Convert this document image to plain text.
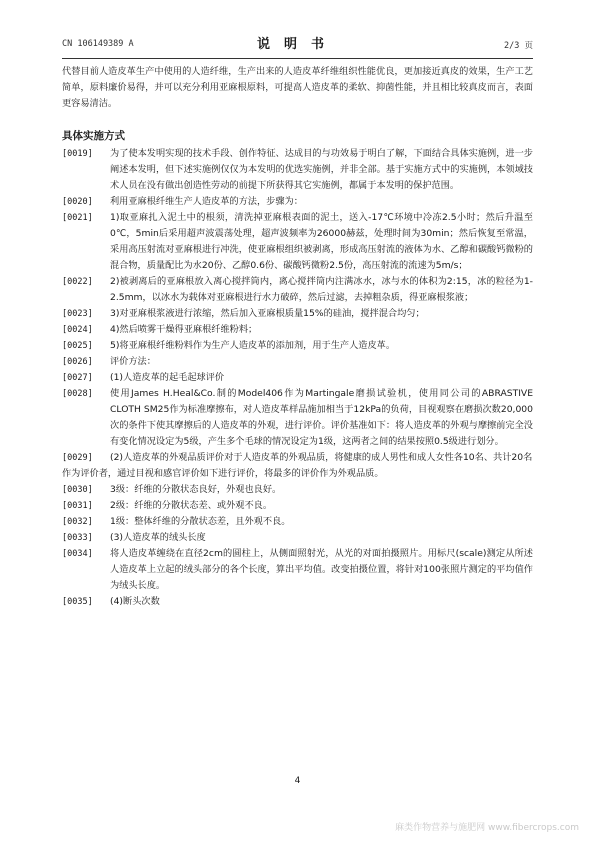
CN 106149389 A	说明书	2/3 页

代替目前人造皮革生产中使用的人造纤维，生产出来的人造皮革纤维组织性能优良，更加接近真皮的效果，生产工艺简单，原料廉价易得，并可以充分利用亚麻根原料，可提高人造皮革的柔软、抑菌性能，并且相比较真皮而言，表面更容易清洁。

具体实施方式

[0019]	为了使本发明实现的技术手段、创作特征、达成目的与功效易于明白了解，下面结合具体实施例，进一步阐述本发明，但下述实施例仅仅为本发明的优选实施例，并非全部。基于实施方式中的实施例，本领域技术人员在没有做出创造性劳动的前提下所获得其它实施例，都属于本发明的保护范围。
[0020]	利用亚麻根纤维生产人造皮革的方法，步骤为：
[0021]	1)取亚麻扎入泥土中的根须，清洗掉亚麻根表面的泥土，送入-17℃环境中冷冻2.5小时；然后升温至0℃，5min后采用超声波震荡处理，超声波频率为26000赫兹，处理时间为30min；然后恢复至常温，采用高压射流对亚麻根进行冲洗，使亚麻根组织被剥离，形成高压射流的液体为水、乙醇和碳酸钙微粉的混合物，质量配比为水20份、乙醇0.6份、碳酸钙微粉2.5份，高压射流的流速为5m/s；
[0022]	2)被剥离后的亚麻根放入离心搅拌筒内，离心搅拌筒内注满冰水，冰与水的体积为2:15，冰的粒径为1-2.5mm，以冰水为载体对亚麻根进行水力破碎，然后过滤，去掉粗杂质，得亚麻根浆液；
[0023]	3)对亚麻根浆液进行浓缩，然后加入亚麻根质量15%的硅油，搅拌混合均匀；
[0024]	4)然后喷雾干燥得亚麻根纤维粉料；
[0025]	5)将亚麻根纤维粉料作为生产人造皮革的添加剂，用于生产人造皮革。
[0026]	评价方法：
[0027]	(1)人造皮革的起毛起球评价
[0028]	使用James H.Heal&Co.制的Model406作为Martingale磨损试验机，使用同公司的ABRASTIVE CLOTH SM25作为标准摩擦布，对人造皮革样品施加相当于12kPa的负荷，目视观察在磨损次数20,000次的条件下使其摩擦后的人造皮革的外观，进行评价。评价基准如下：将人造皮革的外观与摩擦前完全没有变化情况设定为5级，产生多个毛球的情况设定为1级，这两者之间的结果按照0.5级进行划分。
[0029] (2)人造皮革的外观品质评价对于人造皮革的外观品质，将健康的成人男性和成人女性各10名、共计20名作为评价者，通过目视和感官评价如下进行评价，将最多的评价作为外观品质。
[0030]	3级：纤维的分散状态良好，外观也良好。
[0031]	2级：纤维的分散状态差、或外观不良。
[0032]	1级：整体纤维的分散状态差，且外观不良。
[0033]	(3)人造皮革的绒头长度
[0034]	将人造皮革缠绕在直径2cm的圆柱上，从侧面照射光，从光的对面拍摄照片。用标尺(scale)测定从所述人造皮革上立起的绒头部分的各个长度，算出平均值。改变拍摄位置，将针对100张照片测定的平均值作为绒头长度。
[0035]	(4)断头次数
4
麻类作物营养与施肥网 www.fibercrops.com
